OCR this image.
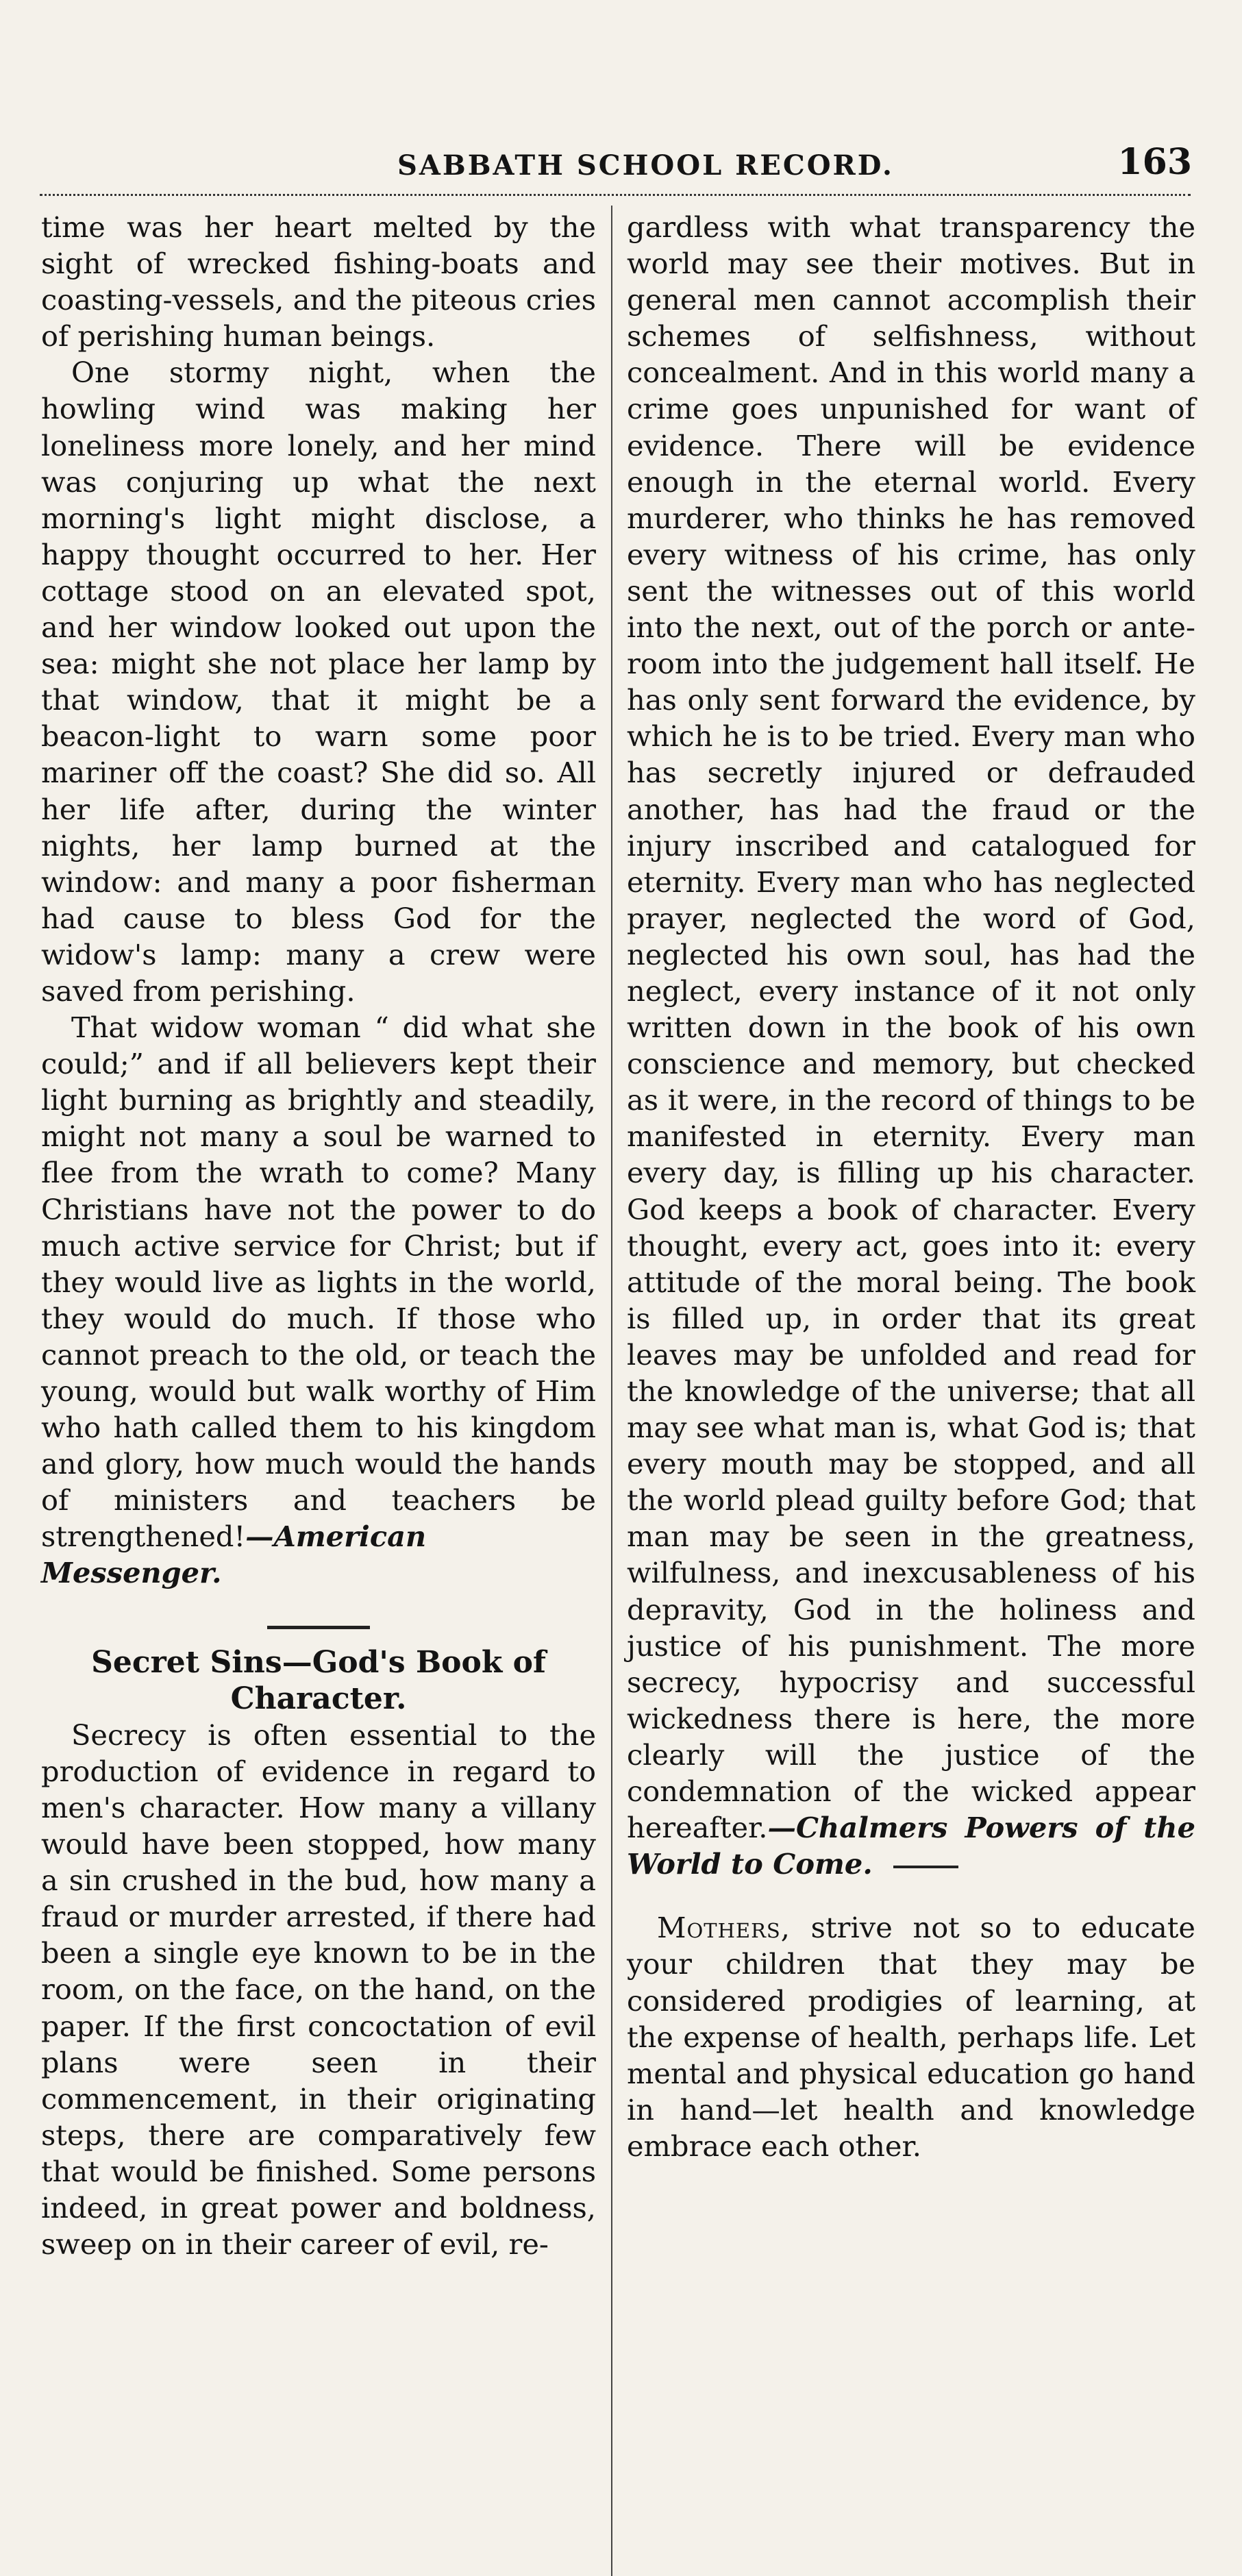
SABBATH SCHOOL RECORD.	163

time was her heart melted by the sight of wrecked fishing-boats and coasting-vessels, and the piteous cries of perishing human beings.

One stormy night, when the howling wind was making her loneliness more lonely, and her mind was conjuring up what the next morning's light might disclose, a happy thought occurred to her. Her cottage stood on an elevated spot, and her window looked out upon the sea: might she not place her lamp by that window, that it might be a beacon-light to warn some poor mariner off the coast? She did so. All her life after, during the winter nights, her lamp burned at the window: and many a poor fisherman had cause to bless God for the widow's lamp: many a crew were saved from perishing.

That widow woman “ did what she could;” and if all believers kept their light burning as brightly and steadily, might not many a soul be warned to flee from the wrath to come? Many Christians have not the power to do much active service for Christ; but if they would live as lights in the world, they would do much. If those who cannot preach to the old, or teach the young, would but walk worthy of Him who hath called them to his kingdom and glory, how much would the hands of ministers and teachers be strengthened!—American Messenger.

Secret Sins—God's Book of Character.

Secrecy is often essential to the production of evidence in regard to men's character. How many a villany would have been stopped, how many a sin crushed in the bud, how many a fraud or murder arrested, if there had been a single eye known to be in the room, on the face, on the hand, on the paper. If the first concoctation of evil plans were seen in their commencement, in their originating steps, there are comparatively few that would be finished. Some persons indeed, in great power and boldness, sweep on in their career of evil, re-

gardless with what transparency the world may see their motives. But in general men cannot accomplish their schemes of selfishness, without concealment. And in this world many a crime goes unpunished for want of evidence. There will be evidence enough in the eternal world. Every murderer, who thinks he has removed every witness of his crime, has only sent the witnesses out of this world into the next, out of the porch or ante-room into the judgement hall itself. He has only sent forward the evidence, by which he is to be tried. Every man who has secretly injured or defrauded another, has had the fraud or the injury inscribed and catalogued for eternity. Every man who has neglected prayer, neglected the word of God, neglected his own soul, has had the neglect, every instance of it not only written down in the book of his own conscience and memory, but checked as it were, in the record of things to be manifested in eternity. Every man every day, is filling up his character. God keeps a book of character. Every thought, every act, goes into it: every attitude of the moral being. The book is filled up, in order that its great leaves may be unfolded and read for the knowledge of the universe; that all may see what man is, what God is; that every mouth may be stopped, and all the world plead guilty before God; that man may be seen in the greatness, wilfulness, and inexcusableness of his depravity, God in the holiness and justice of his punishment. The more secrecy, hypocrisy and successful wickedness there is here, the more clearly will the justice of the condemnation of the wicked appear hereafter.—Chalmers Powers of the World to Come.

Mothers, strive not so to educate your children that they may be considered prodigies of learning, at the expense of health, perhaps life. Let mental and physical education go hand in hand—let health and knowledge embrace each other.
